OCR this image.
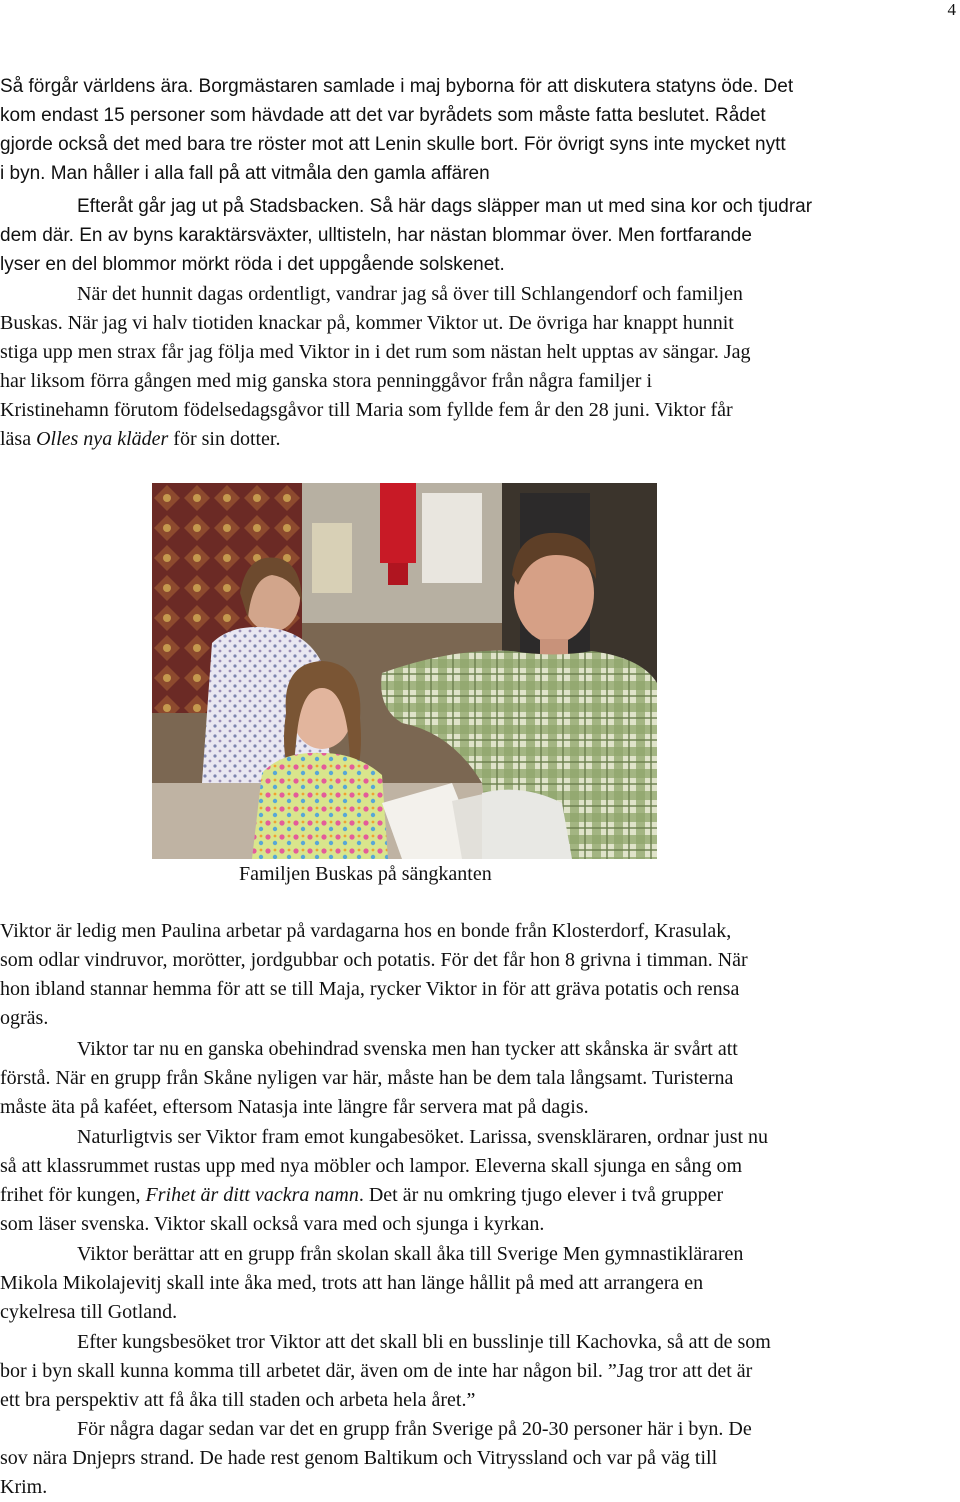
4
Så förgår världens ära. Borgmästaren samlade i maj byborna för att diskutera statyns öde. Det
kom endast 15 personer som hävdade att det var byrådets som måste fatta beslutet. Rådet
gjorde också det med bara tre röster mot att Lenin skulle bort. För övrigt syns inte mycket nytt
i byn. Man håller i alla fall på att vitmåla den gamla affären
Efteråt går jag ut på Stadsbacken. Så här dags släpper man ut med sina kor och tjudrar
dem där. En av byns karaktärsväxter, ulltisteln, har nästan blommar över. Men fortfarande
lyser en del blommor mörkt röda i det uppgående solskenet.
När det hunnit dagas ordentligt, vandrar jag så över till Schlangendorf och familjen
Buskas. När jag vi halv tiotiden knackar på, kommer Viktor ut. De övriga har knappt hunnit
stiga upp men strax får jag följa med Viktor in i det rum som nästan helt upptas av sängar. Jag
har liksom förra gången med mig ganska stora penninggåvor från några familjer i
Kristinehamn förutom födelsedagsgåvor till Maria som fyllde fem år den 28 juni. Viktor får
läsa Olles nya kläder för sin dotter.
Familjen Buskas på sängkanten
Viktor är ledig men Paulina arbetar på vardagarna hos en bonde från Klosterdorf, Krasulak,
som odlar vindruvor, morötter, jordgubbar och potatis. För det får hon 8 grivna i timman. När
hon ibland stannar hemma för att se till Maja, rycker Viktor in för att gräva potatis och rensa
ogräs.
Viktor tar nu en ganska obehindrad svenska men han tycker att skånska är svårt att
förstå. När en grupp från Skåne nyligen var här, måste han be dem tala långsamt. Turisterna
måste äta på kaféet, eftersom Natasja inte längre får servera mat på dagis.
Naturligtvis ser Viktor fram emot kungabesöket. Larissa, svenskläraren, ordnar just nu
så att klassrummet rustas upp med nya möbler och lampor. Eleverna skall sjunga en sång om
frihet för kungen, Frihet är ditt vackra namn. Det är nu omkring tjugo elever i två grupper
som läser svenska. Viktor skall också vara med och sjunga i kyrkan.
Viktor berättar att en grupp från skolan skall åka till Sverige Men gymnastikläraren
Mikola Mikolajevitj skall inte åka med, trots att han länge hållit på med att arrangera en
cykelresa till Gotland.
Efter kungsbesöket tror Viktor att det skall bli en busslinje till Kachovka, så att de som
bor i byn skall kunna komma till arbetet där, även om de inte har någon bil. ”Jag tror att det är
ett bra perspektiv att få åka till staden och arbeta hela året.”
För några dagar sedan var det en grupp från Sverige på 20-30 personer här i byn. De
sov nära Dnjeprs strand. De hade rest genom Baltikum och Vitryssland och var på väg till
Krim.
